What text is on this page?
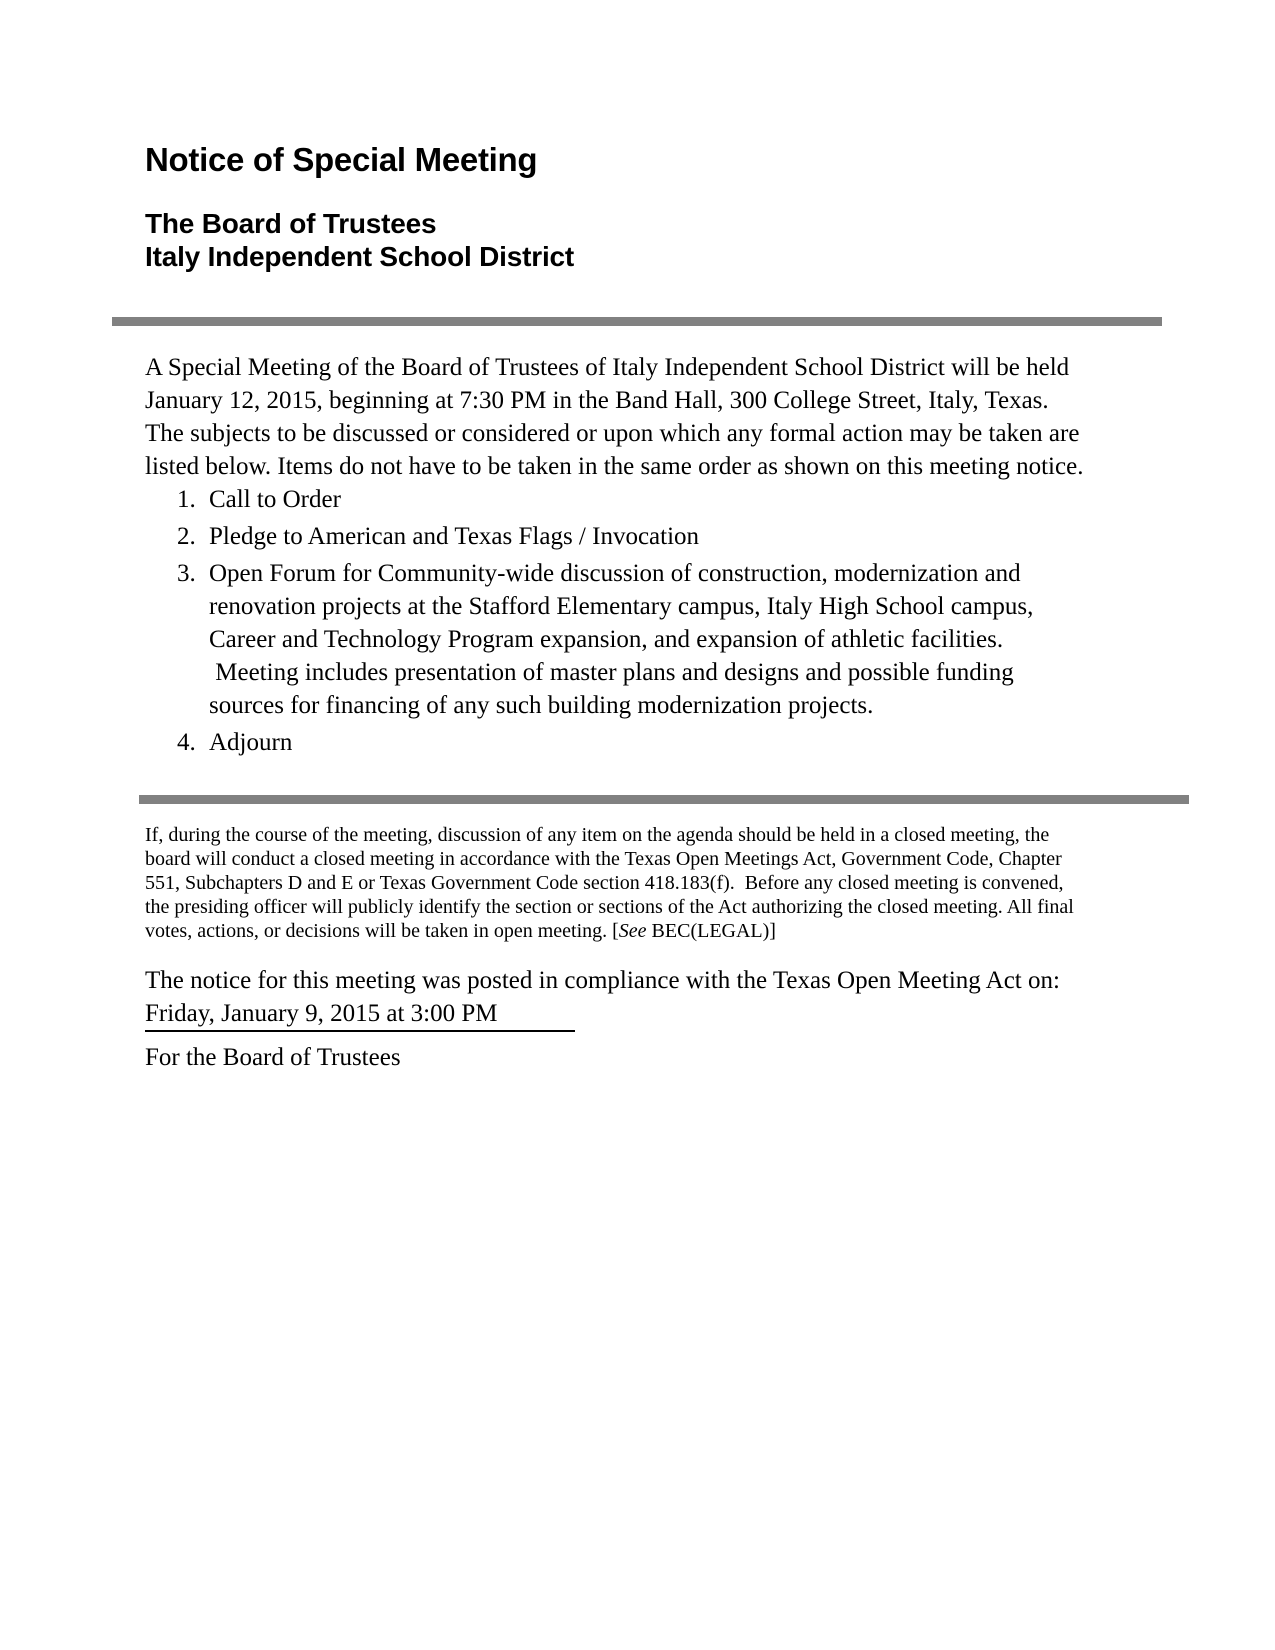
Notice of Special Meeting
The Board of Trustees
Italy Independent School District

A Special Meeting of the Board of Trustees of Italy Independent School District will be held
January 12, 2015, beginning at 7:30 PM in the Band Hall, 300 College Street, Italy, Texas.

The subjects to be discussed or considered or upon which any formal action may be taken are
listed below. Items do not have to be taken in the same order as shown on this meeting notice.

1. Call to Order
2. Pledge to American and Texas Flags / Invocation
3. Open Forum for Community-wide discussion of construction, modernization and
renovation projects at the Stafford Elementary campus, Italy High School campus,
Career and Technology Program expansion, and expansion of athletic facilities.
Meeting includes presentation of master plans and designs and possible funding
sources for financing of any such building modernization projects.
4. Adjourn

If, during the course of the meeting, discussion of any item on the agenda should be held in a closed meeting, the
board will conduct a closed meeting in accordance with the Texas Open Meetings Act, Government Code, Chapter
551, Subchapters D and E or Texas Government Code section 418.183(f).  Before any closed meeting is convened,
the presiding officer will publicly identify the section or sections of the Act authorizing the closed meeting. All final
votes, actions, or decisions will be taken in open meeting. [See BEC(LEGAL)]

The notice for this meeting was posted in compliance with the Texas Open Meeting Act on:
Friday, January 9, 2015 at 3:00 PM

For the Board of Trustees
